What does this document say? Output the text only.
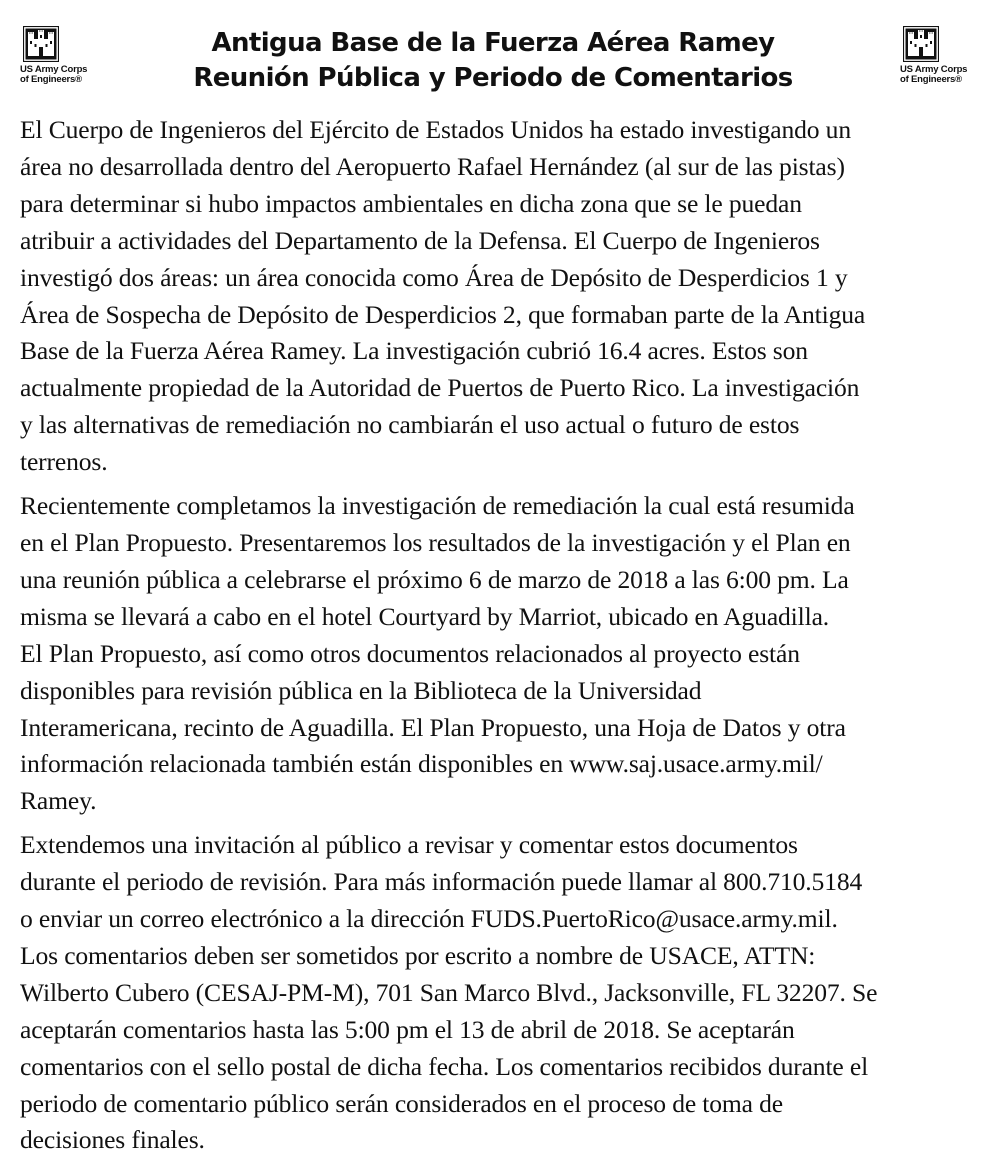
US Army Corps
of Engineers®
Antigua Base de la Fuerza Aérea Ramey
Reunión Pública y Periodo de Comentarios	US Army Corps
of Engineers®
El Cuerpo de Ingenieros del Ejército de Estados Unidos ha estado investigando un
área no desarrollada dentro del Aeropuerto Rafael Hernández (al sur de las pistas)
para determinar si hubo impactos ambientales en dicha zona que se le puedan
atribuir a actividades del Departamento de la Defensa. El Cuerpo de Ingenieros
investigó dos áreas: un área conocida como Área de Depósito de Desperdicios 1 y
Área de Sospecha de Depósito de Desperdicios 2, que formaban parte de la Antigua
Base de la Fuerza Aérea Ramey. La investigación cubrió 16.4 acres. Estos son
actualmente propiedad de la Autoridad de Puertos de Puerto Rico. La investigación
y las alternativas de remediación no cambiarán el uso actual o futuro de estos
terrenos.
Recientemente completamos la investigación de remediación la cual está resumida
en el Plan Propuesto. Presentaremos los resultados de la investigación y el Plan en
una reunión pública a celebrarse el próximo 6 de marzo de 2018 a las 6:00 pm. La
misma se llevará a cabo en el hotel Courtyard by Marriot, ubicado en Aguadilla.
El Plan Propuesto, así como otros documentos relacionados al proyecto están
disponibles para revisión pública en la Biblioteca de la Universidad
Interamericana, recinto de Aguadilla. El Plan Propuesto, una Hoja de Datos y otra
información relacionada también están disponibles en www.saj.usace.army.mil/
Ramey.
Extendemos una invitación al público a revisar y comentar estos documentos
durante el periodo de revisión. Para más información puede llamar al 800.710.5184
o enviar un correo electrónico a la dirección FUDS.PuertoRico@usace.army.mil.
Los comentarios deben ser sometidos por escrito a nombre de USACE, ATTN:
Wilberto Cubero (CESAJ-PM-M), 701 San Marco Blvd., Jacksonville, FL 32207. Se
aceptarán comentarios hasta las 5:00 pm el 13 de abril de 2018. Se aceptarán
comentarios con el sello postal de dicha fecha. Los comentarios recibidos durante el
periodo de comentario público serán considerados en el proceso de toma de
decisiones finales.
